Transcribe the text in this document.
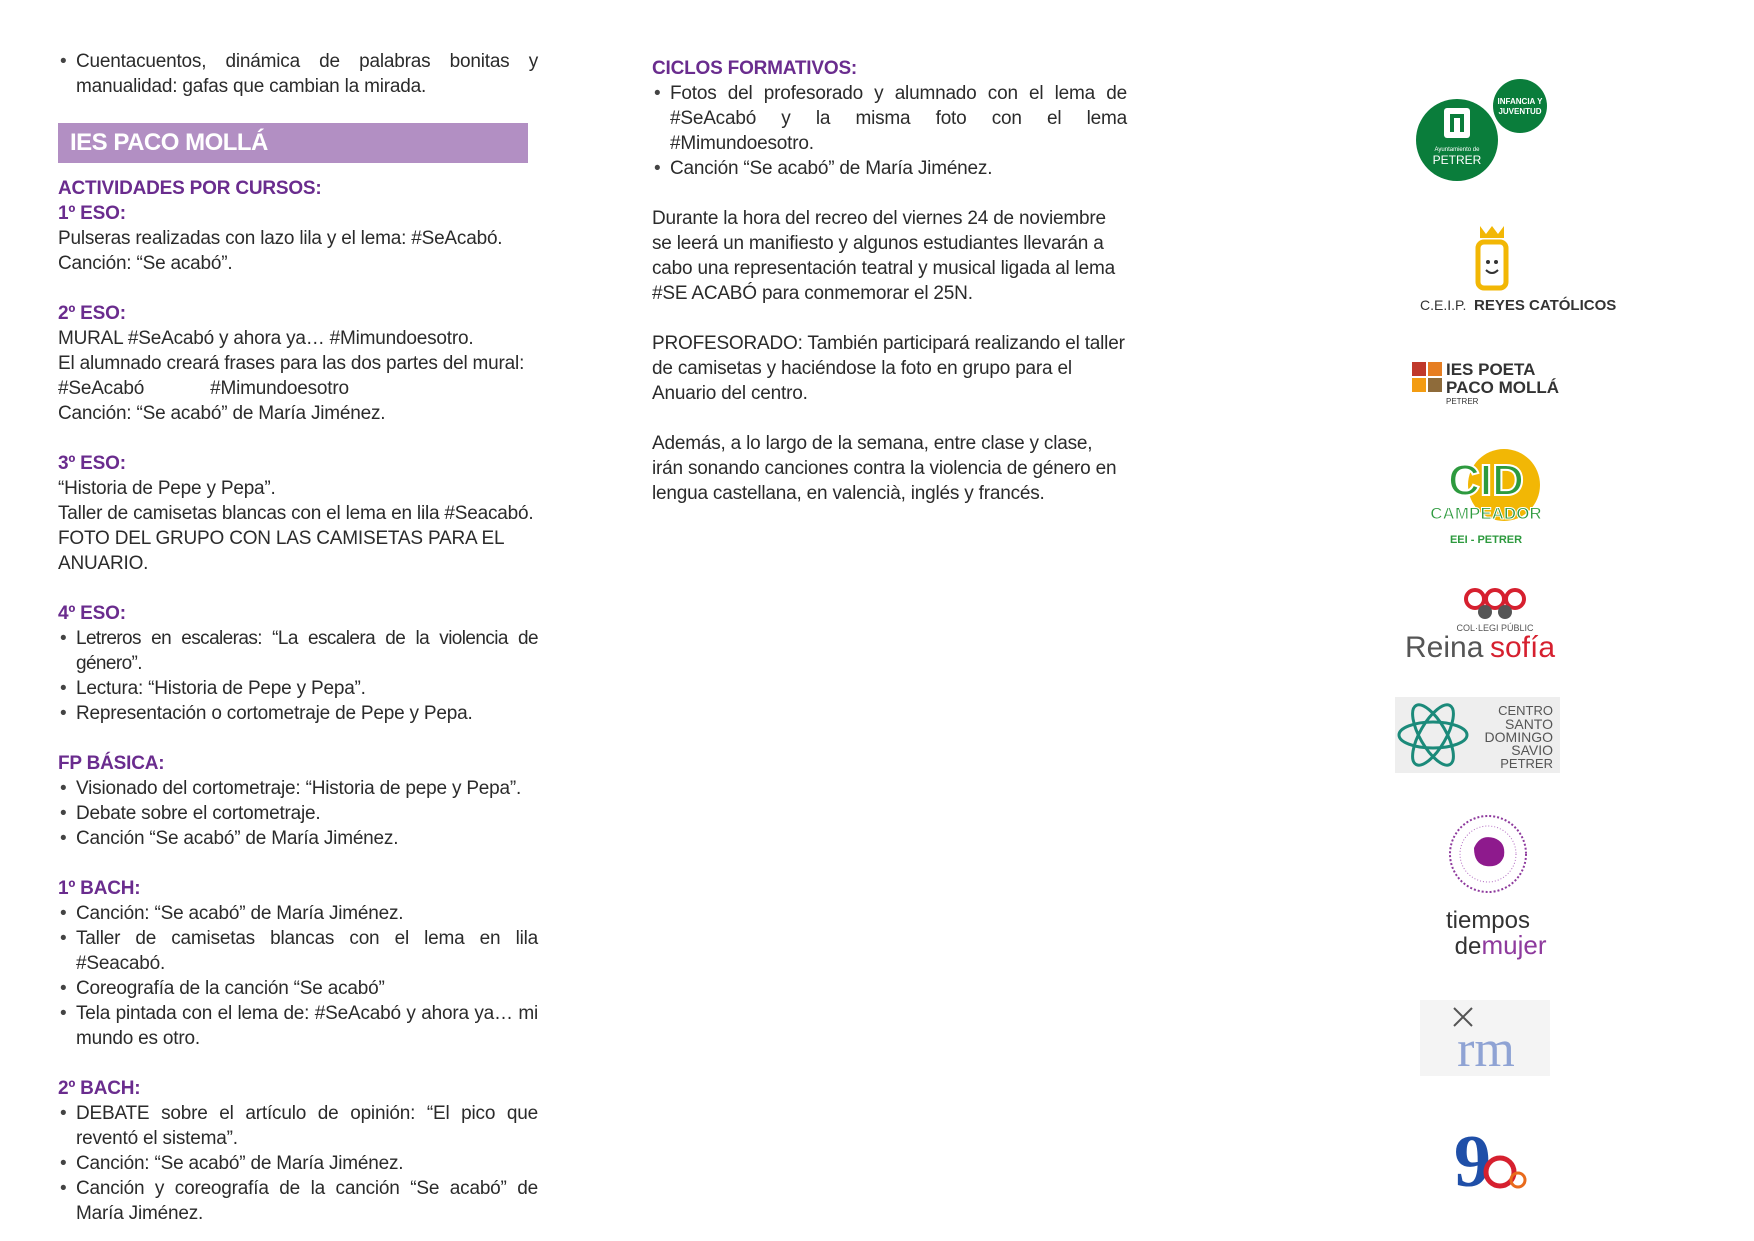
• Cuentacuentos, dinámica de palabras bonitas y manualidad: gafas que cambian la mirada.
IES PACO MOLLÁ

ACTIVIDADES POR CURSOS:

1º ESO:

Pulseras realizadas con lazo lila y el lema: #SeAcabó.

Canción: “Se acabó”.

2º ESO:

MURAL #SeAcabó y ahora ya… #Mimundoesotro.

El alumnado creará frases para las dos partes del mural:

#SeAcabó	#Mimundoesotro

Canción: “Se acabó” de María Jiménez.

3º ESO:

“Historia de Pepe y Pepa”.

Taller de camisetas blancas con el lema en lila #Seacabó.

FOTO DEL GRUPO CON LAS CAMISETAS PARA EL

ANUARIO.

4º ESO:

• Letreros en escaleras: “La escalera de la violencia de género”.
• Lectura: “Historia de Pepe y Pepa”.
• Representación o cortometraje de Pepe y Pepa.

FP BÁSICA:

• Visionado del cortometraje: “Historia de pepe y Pepa”.
• Debate sobre el cortometraje.
• Canción “Se acabó” de María Jiménez.

1º BACH:

• Canción: “Se acabó” de María Jiménez.
• Taller de camisetas blancas con el lema en lila #Seacabó.
• Coreografía de la canción “Se acabó”
• Tela pintada con el lema de: #SeAcabó y ahora ya… mi mundo es otro.

2º BACH:

• DEBATE sobre el artículo de opinión: “El pico que reventó el sistema”.
• Canción: “Se acabó” de María Jiménez.
• Canción y coreografía de la canción “Se acabó” de María Jiménez.

CICLOS FORMATIVOS:

• Fotos del profesorado y alumnado con el lema de #SeAcabó y la misma foto con el lema #Mimundoesotro.
• Canción “Se acabó” de María Jiménez.

Durante la hora del recreo del viernes 24 de noviembre se leerá un manifiesto y algunos estudiantes llevarán a cabo una representación teatral y musical ligada al lema #SE ACABÓ para conmemorar el 25N.

PROFESORADO: También participará realizando el taller de camisetas y haciéndose la foto en grupo para el Anuario del centro.

Además, a lo largo de la semana, entre clase y clase, irán sonando canciones contra la violencia de género en lengua castellana, en valencià, inglés y francés.

INFANCIA Y
JUVENTUD
Ayuntamiento de
PETRER
C.E.I.P. REYES CATÓLICOS
IES POETA
PACO MOLLÁ
PETRER
CID
CAMPEADOR
EEI - PETRER
COL·LEGI PÚBLIC
Reina sofía
CENTRO
SANTO
DOMINGO
SAVIO
PETRER
tiempos
de mujer
rm
9
